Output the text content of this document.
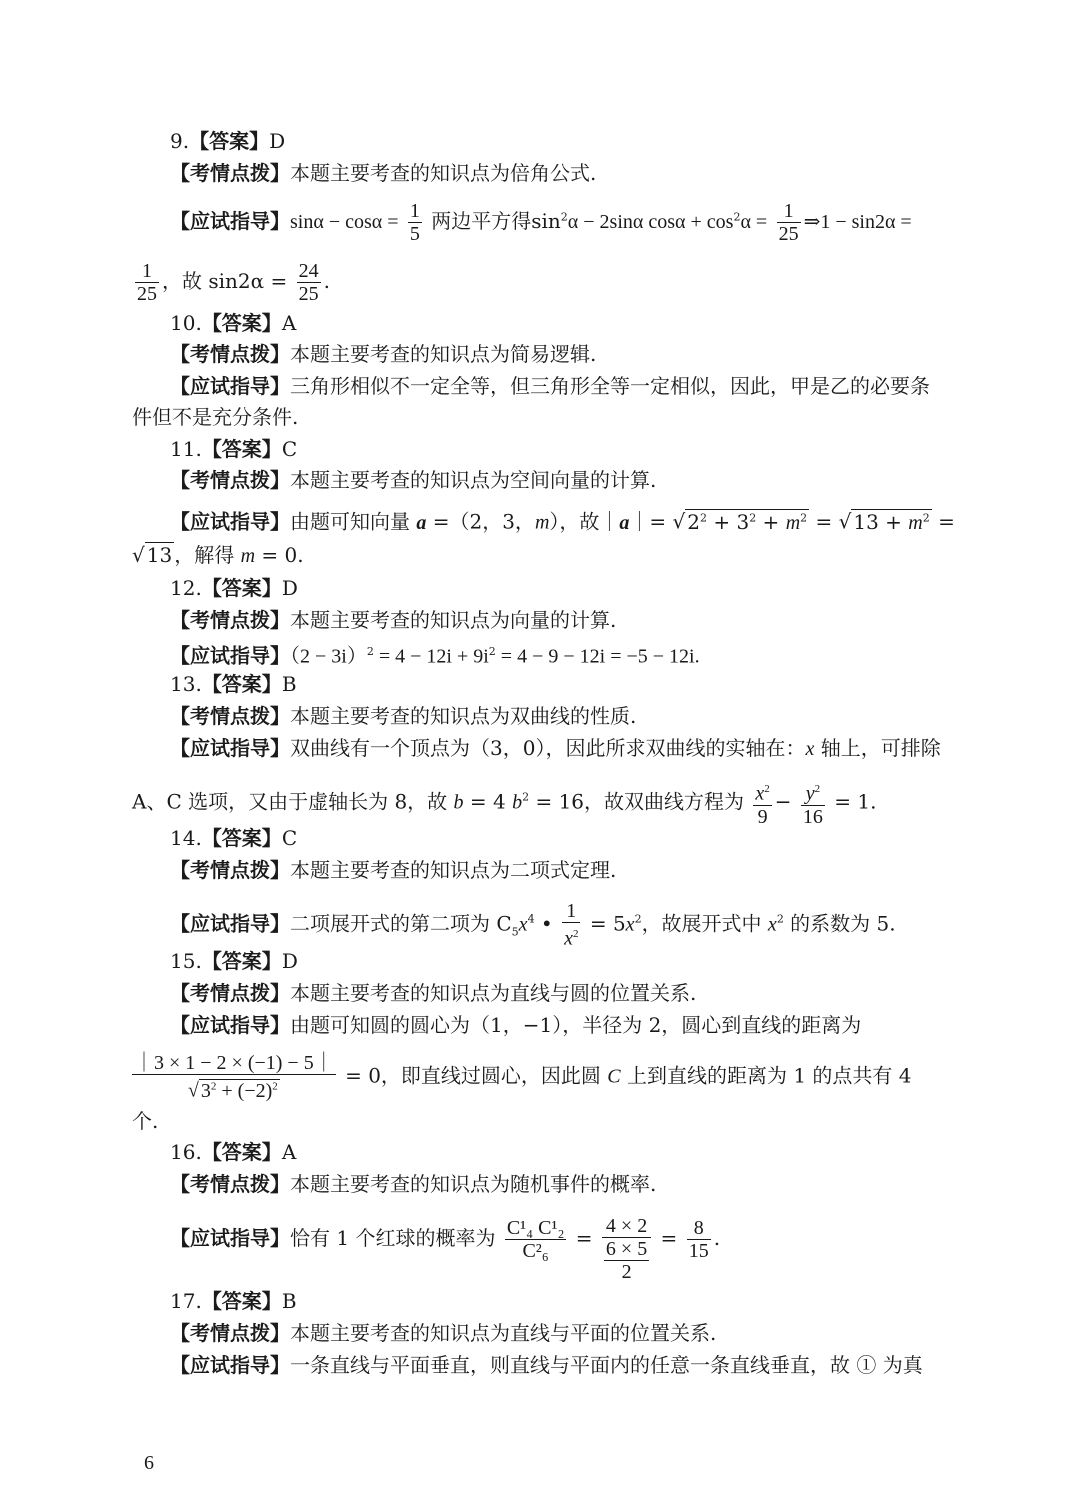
9.【答案】D
【考情点拨】本题主要考查的知识点为倍角公式.
【应试指导】$\sin\alpha - \cos\alpha = \frac{1}{5}$ 两边平方得$\sin^2\alpha - 2\sin\alpha$ $\cos\alpha + \cos^2\alpha = \frac{1}{25}$ ⇒1 − sin2α =
$\frac{1}{25}$ ，故 $\sin 2\alpha = \frac{24}{25}$ .
10.【答案】A
【考情点拨】本题主要考查的知识点为简易逻辑.
【应试指导】三角形相似不一定全等，但三角形全等一定相似，因此，甲是乙的必要条
件但不是充分条件.
11.【答案】C
【考情点拨】本题主要考查的知识点为空间向量的计算.
【应试指导】由题可知向量 a =（2，3，m），故｜a｜= √ $2^2 + 3^2 + m^2$ = √ $13 + m^2$ =
√ 13 ，解得 m = 0.
12.【答案】D
【考情点拨】本题主要考查的知识点为向量的计算.
【应试指导】$(2 - 3i)^2 = 4 - 12i + 9i^2 = 4 - 9 - 12i = -5 - 12i$.
13.【答案】B
【考情点拨】本题主要考查的知识点为双曲线的性质.
【应试指导】双曲线有一个顶点为（3，0），因此所求双曲线的实轴在：x 轴上，可排除
A、C 选项，又由于虚轴长为 8，故 b = 4 $b^2 = 16$，故双曲线方程为 $\frac{x^2}{9} - \frac{y^2}{16} = 1$.
14.【答案】C
【考情点拨】本题主要考查的知识点为二项式定理.
【应试指导】二项展开式的第二项为 $C_5x^4$ • $\frac{1}{x^2} = 5x^2$，故展开式中 $x^2$ 的系数为 5.
15.【答案】D
【考情点拨】本题主要考查的知识点为直线与圆的位置关系.
【应试指导】由题可知圆的圆心为（1，−1），半径为 2，圆心到直线的距离为
$\frac{|3 \times 1 - 2 \times (-1) - 5|}{√ 3^2 + (-2)^2} = 0$，即直线过圆心，因此圆 C 上到直线的距离为 1 的点共有 4
个.
16.【答案】A
【考情点拨】本题主要考查的知识点为随机事件的概率.
【应试指导】恰有 1 个红球的概率为 $\frac{\text{C¹₄ C¹₂}}{\text{C²₆}} = \frac{4 \times 2}{\frac{6 \times 5}{2}} = \frac{8}{15}$ .
17.【答案】B
【考情点拨】本题主要考查的知识点为直线与平面的位置关系.
【应试指导】一条直线与平面垂直，则直线与平面内的任意一条直线垂直，故 ① 为真
6
